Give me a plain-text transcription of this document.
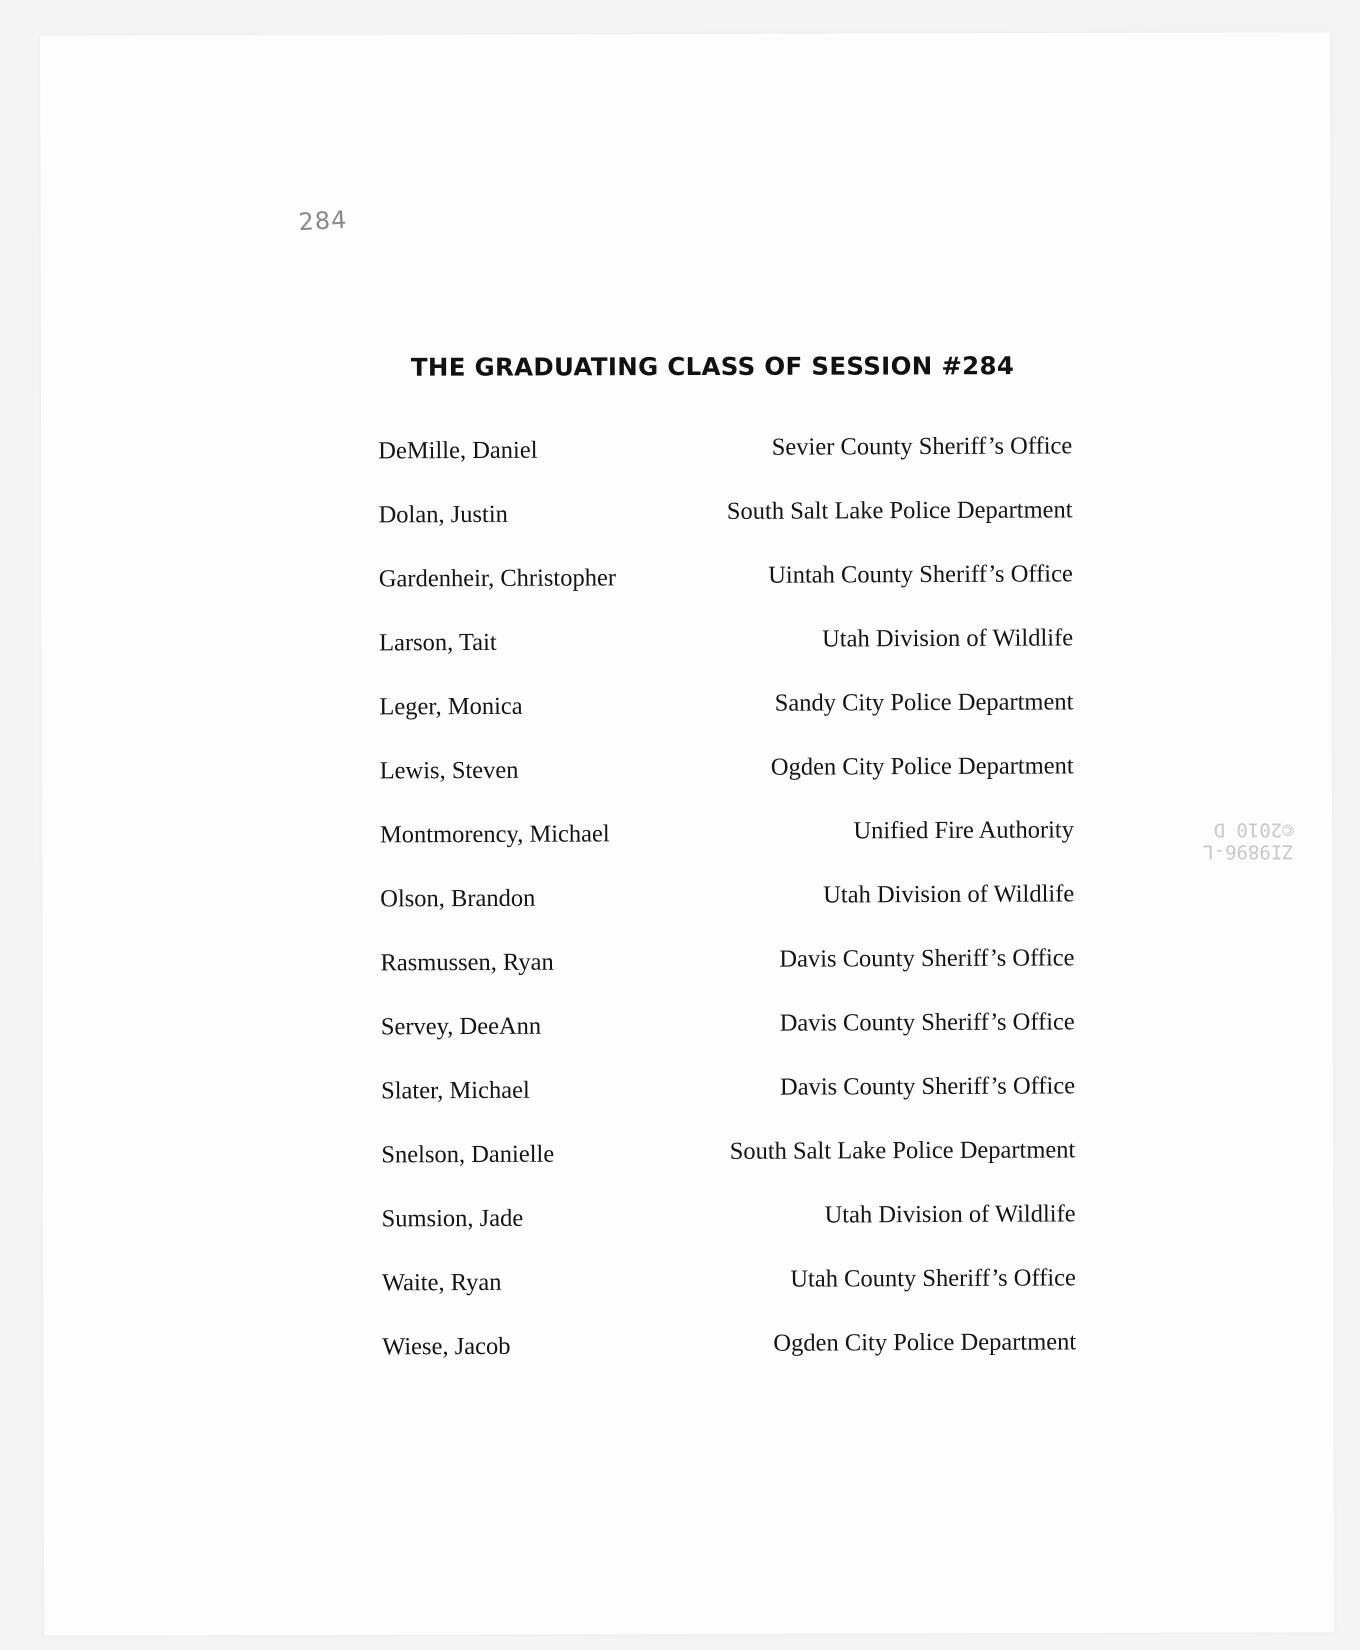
284
THE GRADUATING CLASS OF SESSION #284
DeMille, Daniel	Sevier County Sheriff’s Office
Dolan, Justin	South Salt Lake Police Department
Gardenheir, Christopher	Uintah County Sheriff’s Office
Larson, Tait	Utah Division of Wildlife
Leger, Monica	Sandy City Police Department
Lewis, Steven	Ogden City Police Department
Montmorency, Michael	Unified Fire Authority
Olson, Brandon	Utah Division of Wildlife
Rasmussen, Ryan	Davis County Sheriff’s Office
Servey, DeeAnn	Davis County Sheriff’s Office
Slater, Michael	Davis County Sheriff’s Office
Snelson, Danielle	South Salt Lake Police Department
Sumsion, Jade	Utah Division of Wildlife
Waite, Ryan	Utah County Sheriff’s Office
Wiese, Jacob	Ogden City Police Department
ZI9896-L
©2010 D
